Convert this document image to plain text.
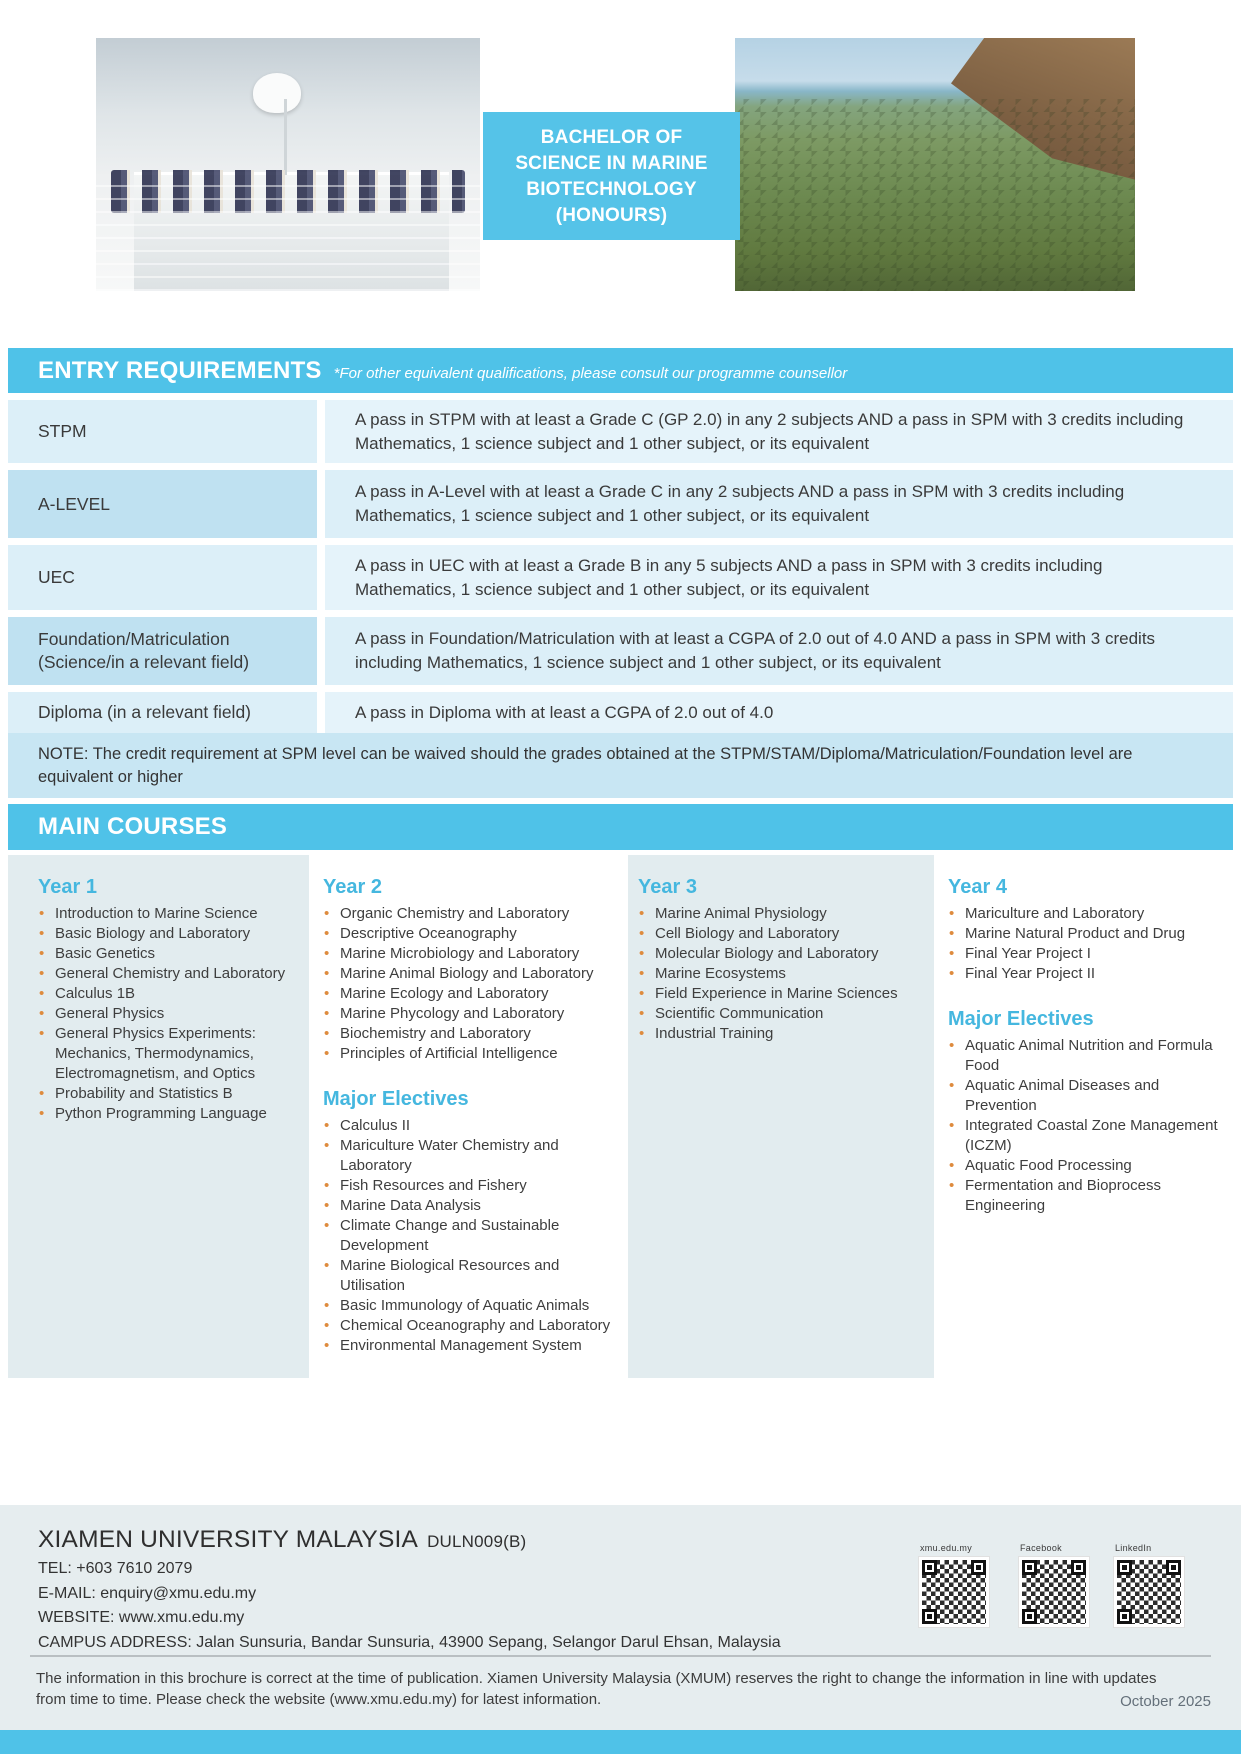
BACHELOR OF
SCIENCE IN MARINE
BIOTECHNOLOGY
(HONOURS)
ENTRY REQUIREMENTS *For other equivalent qualifications, please consult our programme counsellor
STPM
A pass in STPM with at least a Grade C (GP 2.0) in any 2 subjects AND a pass in SPM with 3 credits including Mathematics, 1 science subject and 1 other subject, or its equivalent
A-LEVEL
A pass in A-Level with at least a Grade C in any 2 subjects AND a pass in SPM with 3 credits including Mathematics, 1 science subject and 1 other subject, or its equivalent
UEC
A pass in UEC with at least a Grade B in any 5 subjects AND a pass in SPM with 3 credits including Mathematics, 1 science subject and 1 other subject, or its equivalent
Foundation/Matriculation (Science/in a relevant field)
A pass in Foundation/Matriculation with at least a CGPA of 2.0 out of 4.0 AND a pass in SPM with 3 credits including Mathematics, 1 science subject and 1 other subject, or its equivalent
Diploma (in a relevant field)	A pass in Diploma with at least a CGPA of 2.0 out of 4.0
NOTE: The credit requirement at SPM level can be waived should the grades obtained at the STPM/STAM/Diploma/Matriculation/Foundation level are equivalent or higher
MAIN COURSES
Year 1
• Introduction to Marine Science
• Basic Biology and Laboratory
• Basic Genetics
• General Chemistry and Laboratory
• Calculus 1B
• General Physics
• General Physics Experiments: Mechanics, Thermodynamics, Electromagnetism, and Optics
• Probability and Statistics B
• Python Programming Language
Year 2
• Organic Chemistry and Laboratory
• Descriptive Oceanography
• Marine Microbiology and Laboratory
• Marine Animal Biology and Laboratory
• Marine Ecology and Laboratory
• Marine Phycology and Laboratory
• Biochemistry and Laboratory
• Principles of Artificial Intelligence
Major Electives
• Calculus II
• Mariculture Water Chemistry and Laboratory
• Fish Resources and Fishery
• Marine Data Analysis
• Climate Change and Sustainable Development
• Marine Biological Resources and Utilisation
• Basic Immunology of Aquatic Animals
• Chemical Oceanography and Laboratory
• Environmental Management System
Year 3
• Marine Animal Physiology
• Cell Biology and Laboratory
• Molecular Biology and Laboratory
• Marine Ecosystems
• Field Experience in Marine Sciences
• Scientific Communication
• Industrial Training
Year 4
• Mariculture and Laboratory
• Marine Natural Product and Drug
• Final Year Project I
• Final Year Project II
Major Electives
• Aquatic Animal Nutrition and Formula Food
• Aquatic Animal Diseases and Prevention
• Integrated Coastal Zone Management (ICZM)
• Aquatic Food Processing
• Fermentation and Bioprocess Engineering
XIAMEN UNIVERSITY MALAYSIA DULN009(B)
TEL: +603 7610 2079
E-MAIL: enquiry@xmu.edu.my
WEBSITE: www.xmu.edu.my
CAMPUS ADDRESS: Jalan Sunsuria, Bandar Sunsuria, 43900 Sepang, Selangor Darul Ehsan, Malaysia
xmu.edu.my	Facebook	LinkedIn
The information in this brochure is correct at the time of publication. Xiamen University Malaysia (XMUM) reserves the right to change the information in line with updates from time to time. Please check the website (www.xmu.edu.my) for latest information.	October 2025
